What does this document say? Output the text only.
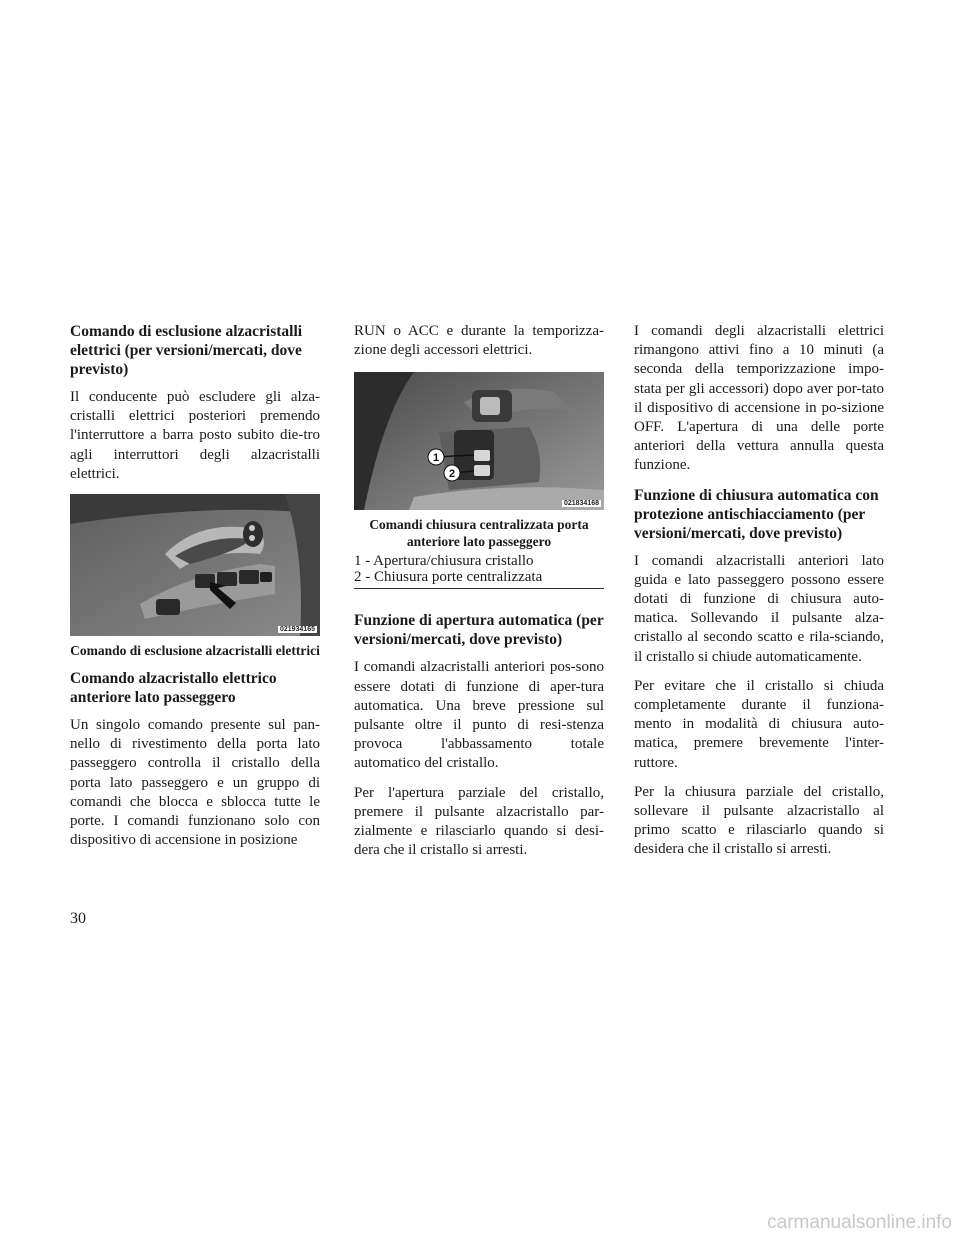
Comando di esclusione alzacristalli elettrici (per versioni/mercati, dove previsto)

Il conducente può escludere gli alza-cristalli elettrici posteriori premendo l'interruttore a barra posto subito die-tro agli interruttori degli alzacristalli elettrici.

021934165
Comando di esclusione alzacristalli elettrici
Comando alzacristallo elettrico anteriore lato passeggero

Un singolo comando presente sul pan-nello di rivestimento della porta lato passeggero controlla il cristallo della porta lato passeggero e un gruppo di comandi che blocca e sblocca tutte le porte. I comandi funzionano solo con dispositivo di accensione in posizione

RUN o ACC e durante la temporizza-zione degli accessori elettrici.

1
2
021834168
Comandi chiusura centralizzata porta anteriore lato passeggero
1 - Apertura/chiusura cristallo
2 - Chiusura porte centralizzata
Funzione di apertura automatica (per versioni/mercati, dove previsto)

I comandi alzacristalli anteriori pos-sono essere dotati di funzione di aper-tura automatica. Una breve pressione sul pulsante oltre il punto di resi-stenza provoca l'abbassamento totale automatico del cristallo.

Per l'apertura parziale del cristallo, premere il pulsante alzacristallo par-zialmente e rilasciarlo quando si desi-dera che il cristallo si arresti.

I comandi degli alzacristalli elettrici rimangono attivi fino a 10 minuti (a seconda della temporizzazione impo-stata per gli accessori) dopo aver por-tato il dispositivo di accensione in po-sizione OFF. L'apertura di una delle porte anteriori della vettura annulla questa funzione.

Funzione di chiusura automatica con protezione antischiacciamento (per versioni/mercati, dove previsto)

I comandi alzacristalli anteriori lato guida e lato passeggero possono essere dotati di funzione di chiusura auto-matica. Sollevando il pulsante alza-cristallo al secondo scatto e rila-sciando, il cristallo si chiude automaticamente.

Per evitare che il cristallo si chiuda completamente durante il funziona-mento in modalità di chiusura auto-matica, premere brevemente l'inter-ruttore.

Per la chiusura parziale del cristallo, sollevare il pulsante alzacristallo al primo scatto e rilasciarlo quando si desidera che il cristallo si arresti.

30
carmanualsonline.info
